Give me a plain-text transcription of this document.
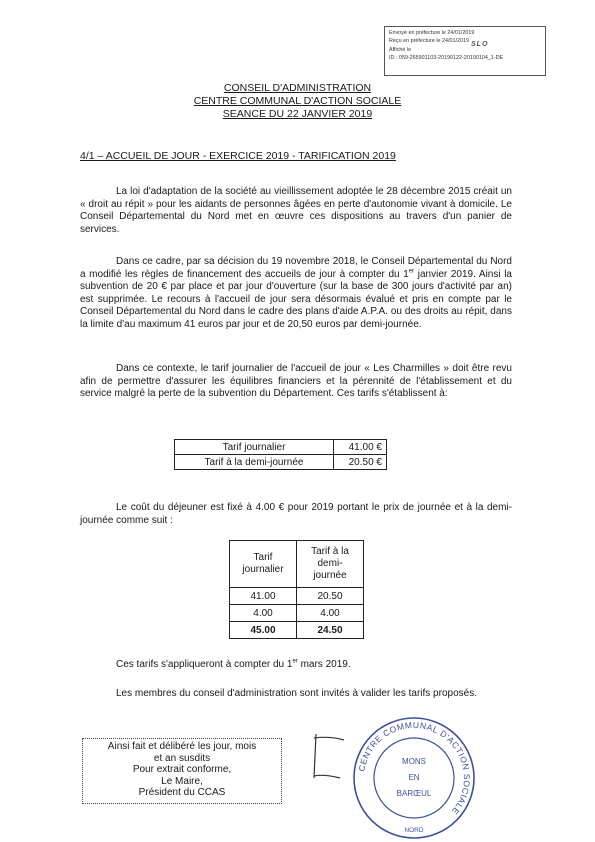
Envoyé en préfecture le 24/01/2019
Reçu en préfecture le 24/01/2019
Affiché le
ID : 059-265901103-20190122-20190104_1-DE
SLO
CONSEIL D'ADMINISTRATION
CENTRE COMMUNAL D'ACTION SOCIALE
SEANCE DU 22 JANVIER 2019
4/1 – ACCUEIL DE JOUR - EXERCICE 2019 - TARIFICATION 2019

La loi d'adaptation de la société au vieillissement adoptée le 28 décembre 2015 créait un « droit au répit » pour les aidants de personnes âgées en perte d'autonomie vivant à domicile. Le Conseil Départemental du Nord met en œuvre ces dispositions au travers d'un panier de services.

Dans ce cadre, par sa décision du 19 novembre 2018, le Conseil Départemental du Nord a modifié les règles de financement des accueils de jour à compter du 1er janvier 2019. Ainsi la subvention de 20 € par place et par jour d'ouverture (sur la base de 300 jours d'activité par an) est supprimée. Le recours à l'accueil de jour sera désormais évalué et pris en compte par le Conseil Départemental du Nord dans le cadre des plans d'aide A.P.A. ou des droits au répit, dans la limite d'au maximum 41 euros par jour et de 20,50 euros par demi-journée.

Dans ce contexte, le tarif journalier de l'accueil de jour « Les Charmilles » doit être revu afin de permettre d'assurer les équilibres financiers et la pérennité de l'établissement et du service malgré la perte de la subvention du Département. Ces tarifs s'établissent à:

Tarif journalier	41.00 €
Tarif à la demi-journée	20.50 €

Le coût du déjeuner est fixé à 4.00 € pour 2019 portant le prix de journée et à la demi-journée comme suit :

Tarif journalier	Tarif à la demi-journée
41.00	20.50
4.00	4.00
45.00	24.50

Ces tarifs s'appliqueront à compter du 1er mars 2019.

Les membres du conseil d'administration sont invités à valider les tarifs proposés.

Ainsi fait et délibéré les jour, mois
et an susdits
Pour extrait conforme,
Le Maire,
Président du CCAS
CENTRE COMMUNAL D'ACTION SOCIALE
MONS
EN
BARŒUL
NORD
